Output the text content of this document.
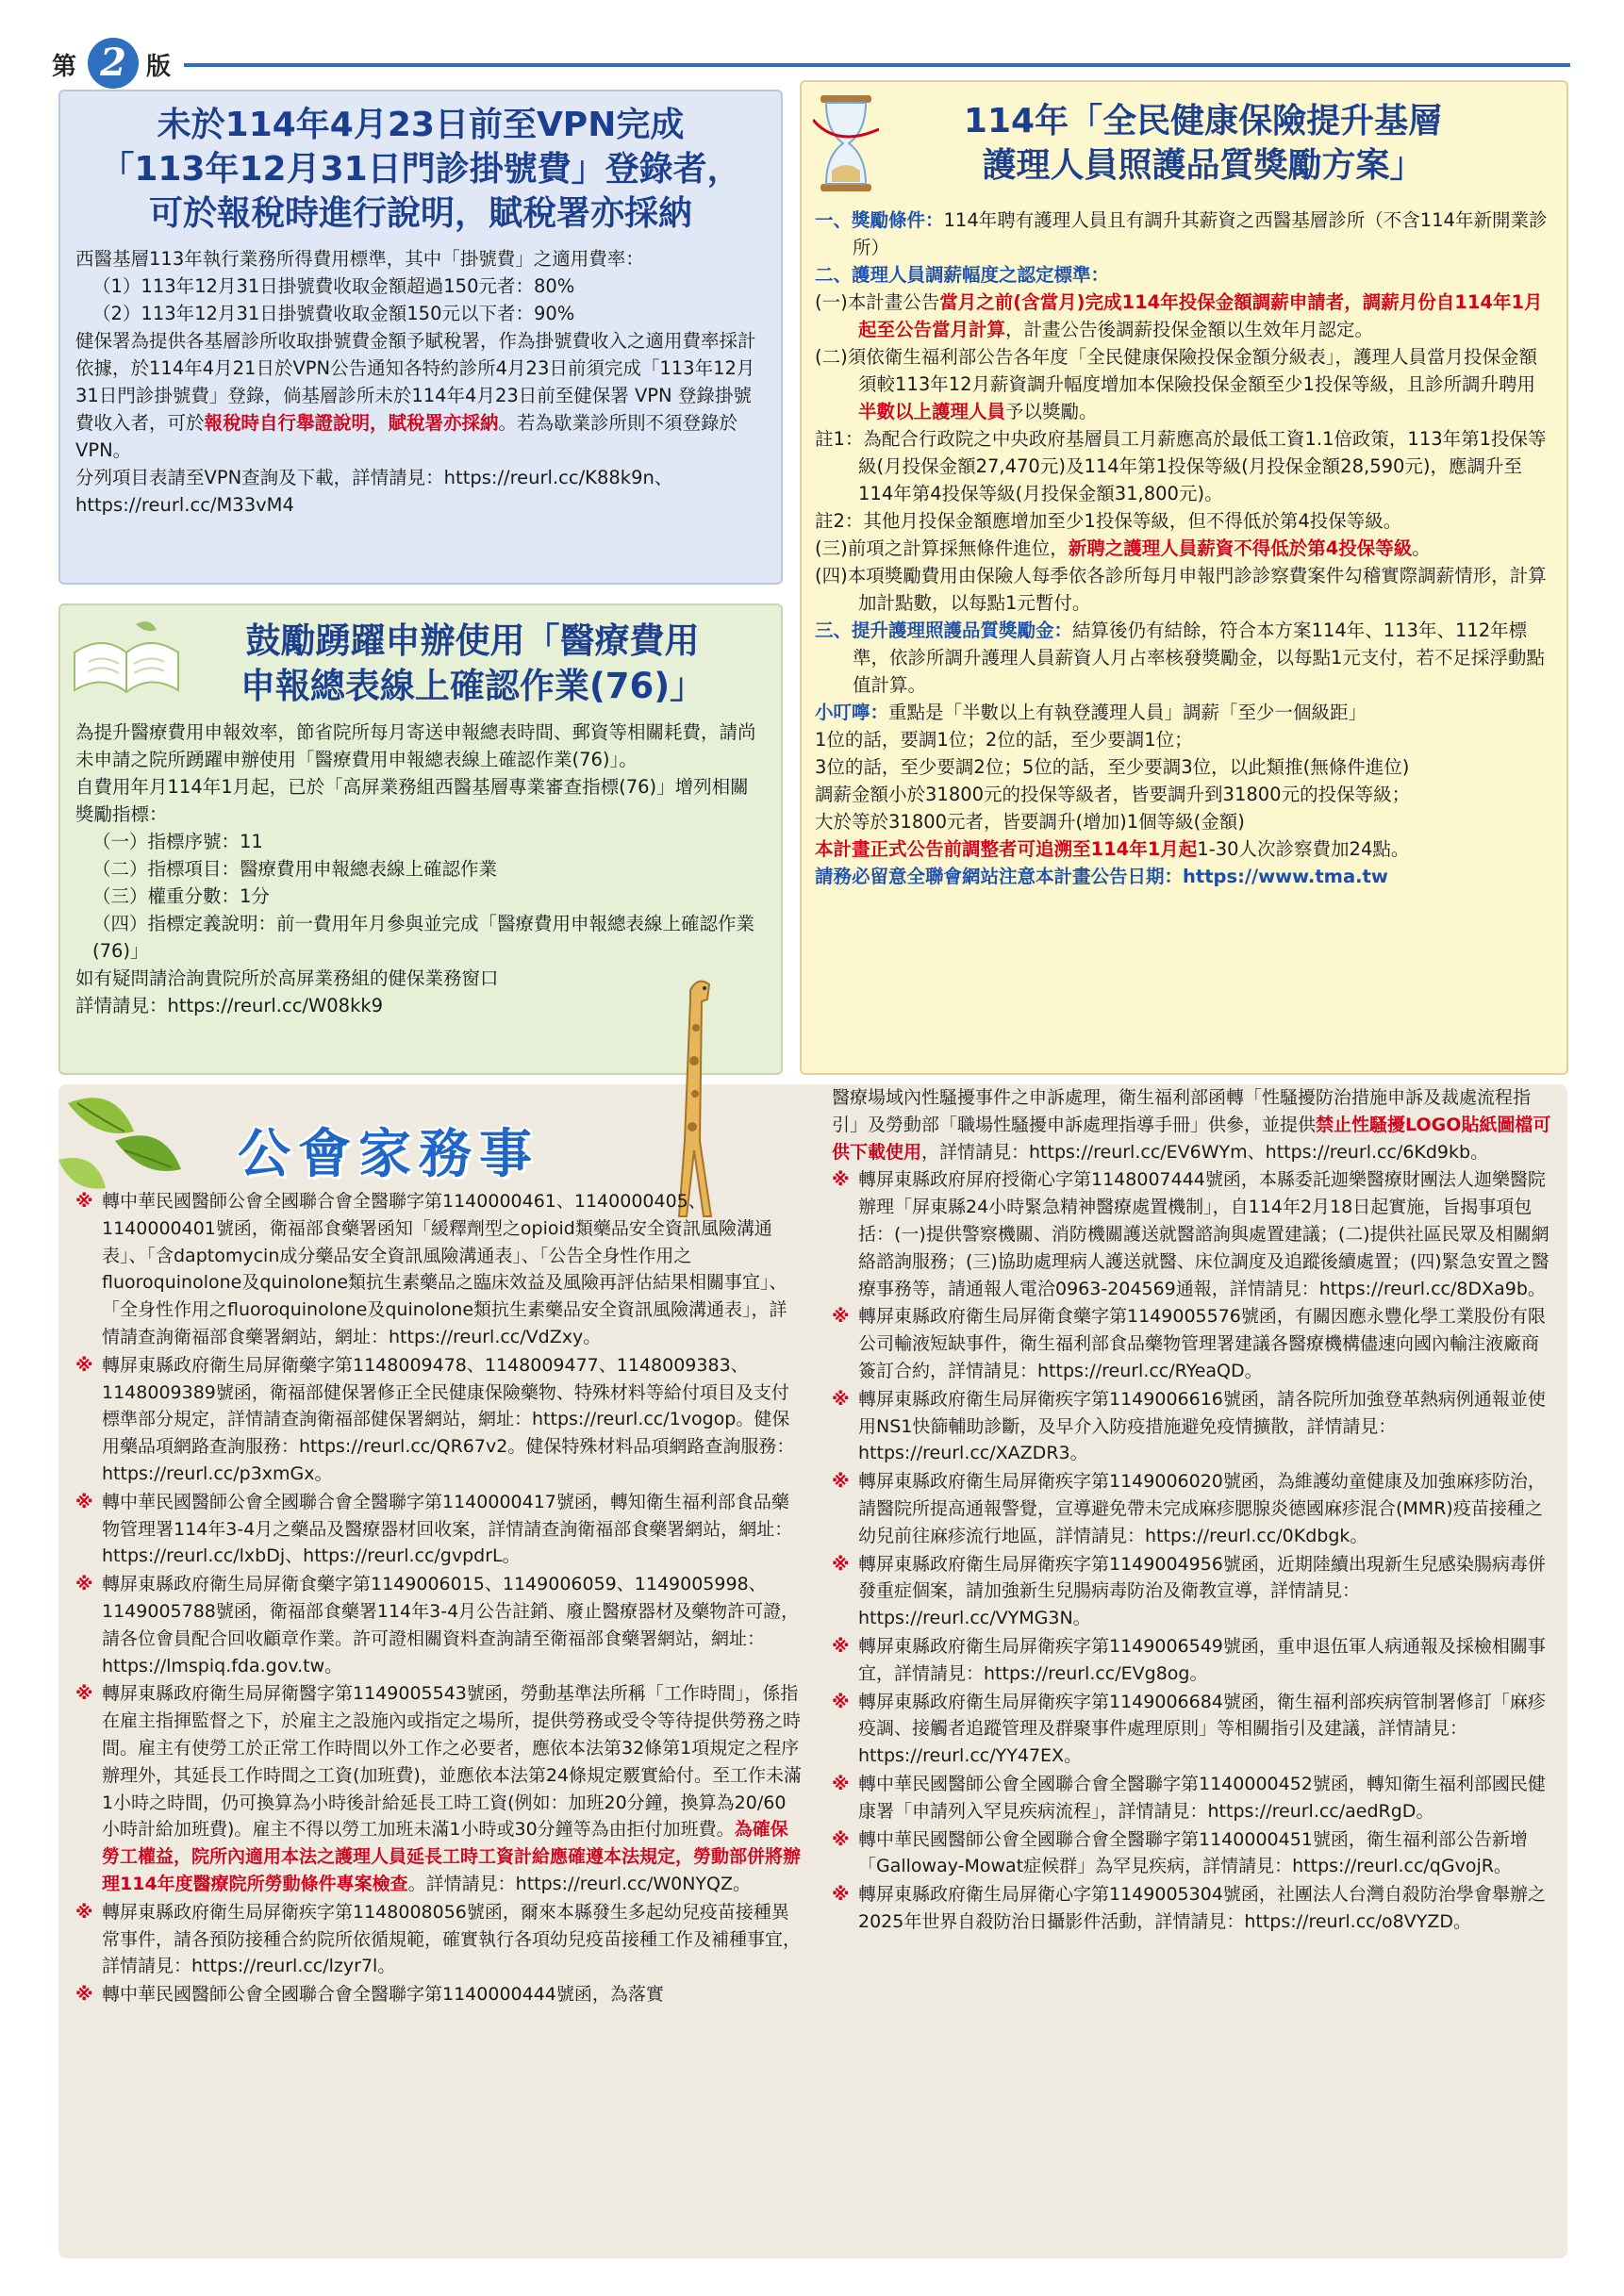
第 2 版
未於114年4月23日前至VPN完成
「113年12月31日門診掛號費」登錄者，
可於報稅時進行說明，賦稅署亦採納

西醫基層113年執行業務所得費用標準，其中「掛號費」之適用費率：

（1）113年12月31日掛號費收取金額超過150元者：80%

（2）113年12月31日掛號費收取金額150元以下者：90%

健保署為提供各基層診所收取掛號費金額予賦稅署，作為掛號費收入之適用費率採計依據，於114年4月21日於VPN公告通知各特約診所4月23日前須完成「113年12月31日門診掛號費」登錄，倘基層診所未於114年4月23日前至健保署 VPN 登錄掛號費收入者，可於報稅時自行舉證說明，賦稅署亦採納。若為歇業診所則不須登錄於VPN。

分列項目表請至VPN查詢及下載，詳情請見：https://reurl.cc/K88k9n、https://reurl.cc/M33vM4

鼓勵踴躍申辦使用「醫療費用
申報總表線上確認作業(76)」

為提升醫療費用申報效率，節省院所每月寄送申報總表時間、郵資等相關耗費，請尚未申請之院所踴躍申辦使用「醫療費用申報總表線上確認作業(76)」。

自費用年月114年1月起，已於「高屏業務組西醫基層專業審查指標(76)」增列相關獎勵指標：

（一）指標序號：11

（二）指標項目：醫療費用申報總表線上確認作業

（三）權重分數：1分

（四）指標定義說明：前一費用年月參與並完成「醫療費用申報總表線上確認作業(76)」

如有疑問請洽詢貴院所於高屏業務組的健保業務窗口

詳情請見：https://reurl.cc/W08kk9

114年「全民健康保險提升基層
護理人員照護品質獎勵方案」

一、獎勵條件：114年聘有護理人員且有調升其薪資之西醫基層診所（不含114年新開業診所）

二、護理人員調薪幅度之認定標準：

(一)本計畫公告當月之前(含當月)完成114年投保金額調薪申請者，調薪月份自114年1月起至公告當月計算，計畫公告後調薪投保金額以生效年月認定。

(二)須依衛生福利部公告各年度「全民健康保險投保金額分級表」，護理人員當月投保金額須較113年12月薪資調升幅度增加本保險投保金額至少1投保等級，且診所調升聘用半數以上護理人員予以獎勵。

註1：為配合行政院之中央政府基層員工月薪應高於最低工資1.1倍政策，113年第1投保等級(月投保金額27,470元)及114年第1投保等級(月投保金額28,590元)，應調升至114年第4投保等級(月投保金額31,800元)。

註2：其他月投保金額應增加至少1投保等級，但不得低於第4投保等級。

(三)前項之計算採無條件進位，新聘之護理人員薪資不得低於第4投保等級。

(四)本項獎勵費用由保險人每季依各診所每月申報門診診察費案件勾稽實際調薪情形，計算加計點數，以每點1元暫付。

三、提升護理照護品質獎勵金：結算後仍有結餘，符合本方案114年、113年、112年標準，依診所調升護理人員薪資人月占率核發獎勵金，以每點1元支付，若不足採浮動點值計算。

小叮嚀：重點是「半數以上有執登護理人員」調薪「至少一個級距」

1位的話，要調1位；2位的話，至少要調1位；

3位的話，至少要調2位；5位的話，至少要調3位，以此類推(無條件進位)

調薪金額小於31800元的投保等級者，皆要調升到31800元的投保等級；

大於等於31800元者，皆要調升(增加)1個等級(金額)

本計畫正式公告前調整者可追溯至114年1月起1-30人次診察費加24點。

請務必留意全聯會網站注意本計畫公告日期：https://www.tma.tw

公會家務事
※ 轉中華民國醫師公會全國聯合會全醫聯字第1140000461、1140000405、1140000401號函，衛福部食藥署函知「緩釋劑型之opioid類藥品安全資訊風險溝通表」、「含daptomycin成分藥品安全資訊風險溝通表」、「公告全身性作用之fluoroquinolone及quinolone類抗生素藥品之臨床效益及風險再評估結果相關事宜」、「全身性作用之fluoroquinolone及quinolone類抗生素藥品安全資訊風險溝通表」，詳情請查詢衛福部食藥署網站，網址：https://reurl.cc/VdZxy。
※ 轉屏東縣政府衛生局屏衛藥字第1148009478、1148009477、1148009383、1148009389號函，衛福部健保署修正全民健康保險藥物、特殊材料等給付項目及支付標準部分規定，詳情請查詢衛福部健保署網站，網址：https://reurl.cc/1vogop。健保用藥品項網路查詢服務：https://reurl.cc/QR67v2。健保特殊材料品項網路查詢服務：https://reurl.cc/p3xmGx。
※ 轉中華民國醫師公會全國聯合會全醫聯字第1140000417號函，轉知衛生福利部食品藥物管理署114年3-4月之藥品及醫療器材回收案，詳情請查詢衛福部食藥署網站，網址：https://reurl.cc/lxbDj、https://reurl.cc/gvpdrL。
※ 轉屏東縣政府衛生局屏衛食藥字第1149006015、1149006059、1149005998、1149005788號函，衛福部食藥署114年3-4月公告註銷、廢止醫療器材及藥物許可證，請各位會員配合回收顧章作業。許可證相關資料查詢請至衛福部食藥署網站，網址：https://lmspiq.fda.gov.tw。
※ 轉屏東縣政府衛生局屏衛醫字第1149005543號函，勞動基準法所稱「工作時間」，係指在雇主指揮監督之下，於雇主之設施內或指定之場所，提供勞務或受令等待提供勞務之時間。雇主有使勞工於正常工作時間以外工作之必要者，應依本法第32條第1項規定之程序辦理外，其延長工作時間之工資(加班費)，並應依本法第24條規定覈實給付。至工作未滿1小時之時間，仍可換算為小時後計給延長工時工資(例如：加班20分鐘，換算為20/60小時計給加班費)。雇主不得以勞工加班未滿1小時或30分鐘等為由拒付加班費。為確保勞工權益，院所內適用本法之護理人員延長工時工資計給應確遵本法規定，勞動部併將辦理114年度醫療院所勞動條件專案檢查。詳情請見：https://reurl.cc/W0NYQZ。
※ 轉屏東縣政府衛生局屏衛疾字第1148008056號函，爾來本縣發生多起幼兒疫苗接種異常事件，請各預防接種合約院所依循規範，確實執行各項幼兒疫苗接種工作及補種事宜，詳情請見：https://reurl.cc/lzyr7l。
※ 轉中華民國醫師公會全國聯合會全醫聯字第1140000444號函，為落實
醫療場域內性騷擾事件之申訴處理，衛生福利部函轉「性騷擾防治措施申訴及裁處流程指引」及勞動部「職場性騷擾申訴處理指導手冊」供參，並提供禁止性騷擾LOGO貼紙圖檔可供下載使用，詳情請見：https://reurl.cc/EV6WYm、https://reurl.cc/6Kd9kb。
※ 轉屏東縣政府屏府授衛心字第1148007444號函，本縣委託迦樂醫療財團法人迦樂醫院辦理「屏東縣24小時緊急精神醫療處置機制」，自114年2月18日起實施，旨揭事項包括：(一)提供警察機關、消防機關護送就醫諮詢與處置建議；(二)提供社區民眾及相關網絡諮詢服務；(三)協助處理病人護送就醫、床位調度及追蹤後續處置；(四)緊急安置之醫療事務等，請通報人電洽0963-204569通報，詳情請見：https://reurl.cc/8DXa9b。
※ 轉屏東縣政府衛生局屏衛食藥字第1149005576號函，有關因應永豐化學工業股份有限公司輸液短缺事件，衛生福利部食品藥物管理署建議各醫療機構儘速向國內輸注液廠商簽訂合約，詳情請見：https://reurl.cc/RYeaQD。
※ 轉屏東縣政府衛生局屏衛疾字第1149006616號函，請各院所加強登革熱病例通報並使用NS1快篩輔助診斷，及早介入防疫措施避免疫情擴散，詳情請見：https://reurl.cc/XAZDR3。
※ 轉屏東縣政府衛生局屏衛疾字第1149006020號函，為維護幼童健康及加強麻疹防治，請醫院所提高通報警覺，宣導避免帶未完成麻疹腮腺炎德國麻疹混合(MMR)疫苗接種之幼兒前往麻疹流行地區，詳情請見：https://reurl.cc/0Kdbgk。
※ 轉屏東縣政府衛生局屏衛疾字第1149004956號函，近期陸續出現新生兒感染腸病毒併發重症個案，請加強新生兒腸病毒防治及衛教宣導，詳情請見：https://reurl.cc/VYMG3N。
※ 轉屏東縣政府衛生局屏衛疾字第1149006549號函，重申退伍軍人病通報及採檢相關事宜，詳情請見：https://reurl.cc/EVg8og。
※ 轉屏東縣政府衛生局屏衛疾字第1149006684號函，衛生福利部疾病管制署修訂「麻疹疫調、接觸者追蹤管理及群聚事件處理原則」等相關指引及建議，詳情請見：https://reurl.cc/YY47EX。
※ 轉中華民國醫師公會全國聯合會全醫聯字第1140000452號函，轉知衛生福利部國民健康署「申請列入罕見疾病流程」，詳情請見：https://reurl.cc/aedRgD。
※ 轉中華民國醫師公會全國聯合會全醫聯字第1140000451號函，衛生福利部公告新增「Galloway-Mowat症候群」為罕見疾病，詳情請見：https://reurl.cc/qGvojR。
※ 轉屏東縣政府衛生局屏衛心字第1149005304號函，社團法人台灣自殺防治學會舉辦之2025年世界自殺防治日攝影件活動，詳情請見：https://reurl.cc/o8VYZD。
